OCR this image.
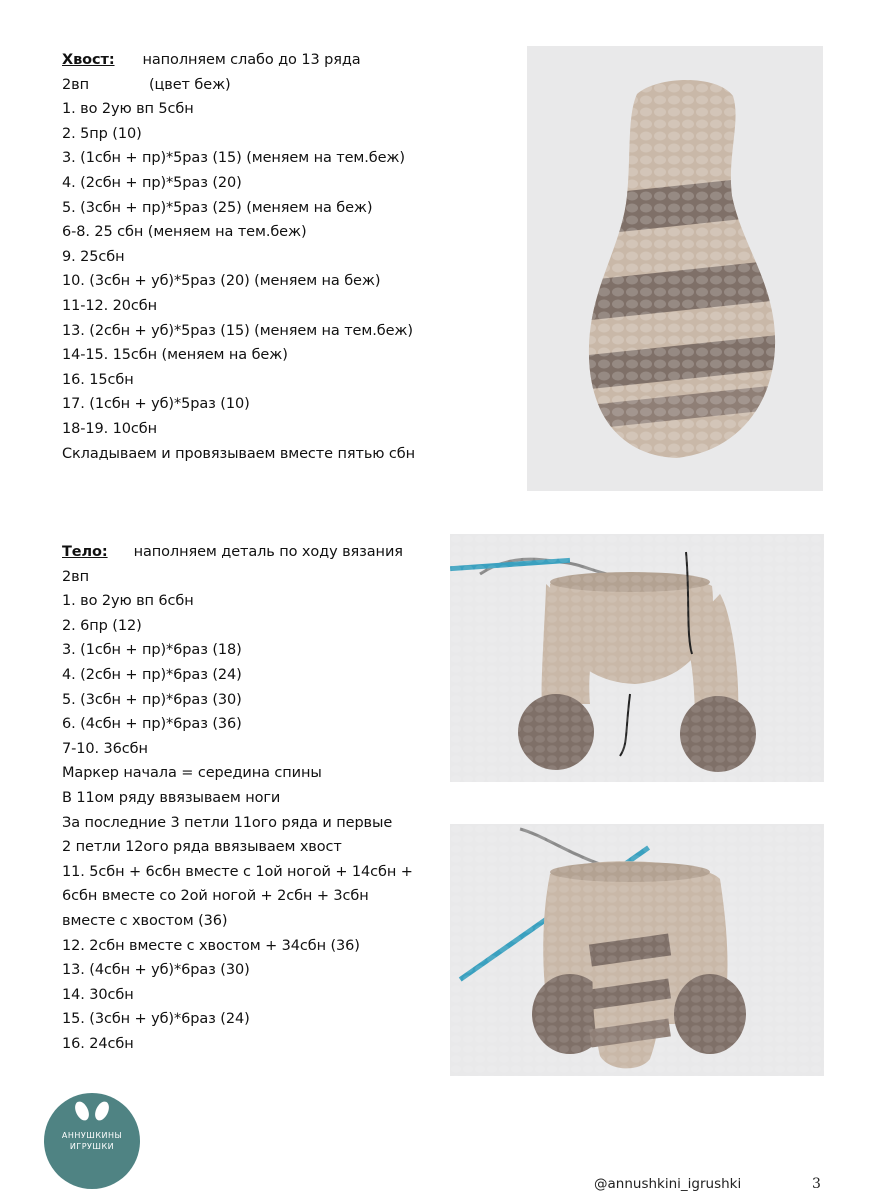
Хвост: наполняем слабо до 13 ряда
2вп	(цвет беж)
1. во 2ую вп 5сбн
2. 5пр (10)
3. (1сбн + пр)*5раз (15) (меняем на тем.беж)
4. (2сбн + пр)*5раз (20)
5. (3сбн + пр)*5раз (25) (меняем на беж)
6-8. 25 сбн (меняем на тем.беж)
9. 25сбн
10. (3сбн + уб)*5раз (20) (меняем на беж)
11-12. 20сбн
13. (2сбн + уб)*5раз (15) (меняем на тем.беж)
14-15. 15сбн (меняем на беж)
16. 15сбн
17. (1сбн + уб)*5раз (10)
18-19. 10сбн
Складываем и провязываем вместе пятью сбн
Тело: наполняем деталь по ходу вязания
2вп
1. во 2ую вп 6сбн
2. 6пр (12)
3. (1сбн + пр)*6раз (18)
4. (2сбн + пр)*6раз (24)
5. (3сбн + пр)*6раз (30)
6. (4сбн + пр)*6раз (36)
7-10. 36сбн
Маркер начала = середина спины
В 11ом ряду ввязываем ноги
За последние 3 петли 11ого ряда и первые
2 петли 12ого ряда ввязываем хвост
11. 5сбн + 6сбн вместе с 1ой ногой + 14сбн +
6сбн вместе со 2ой ногой + 2сбн + 3сбн
вместе с хвостом (36)
12. 2сбн вместе с хвостом + 34сбн (36)
13. (4сбн + уб)*6раз (30)
14. 30сбн
15. (3сбн + уб)*6раз (24)
16. 24сбн
АННУШКИНЫ
ИГРУШКИ
@annushkini_igrushki	3
